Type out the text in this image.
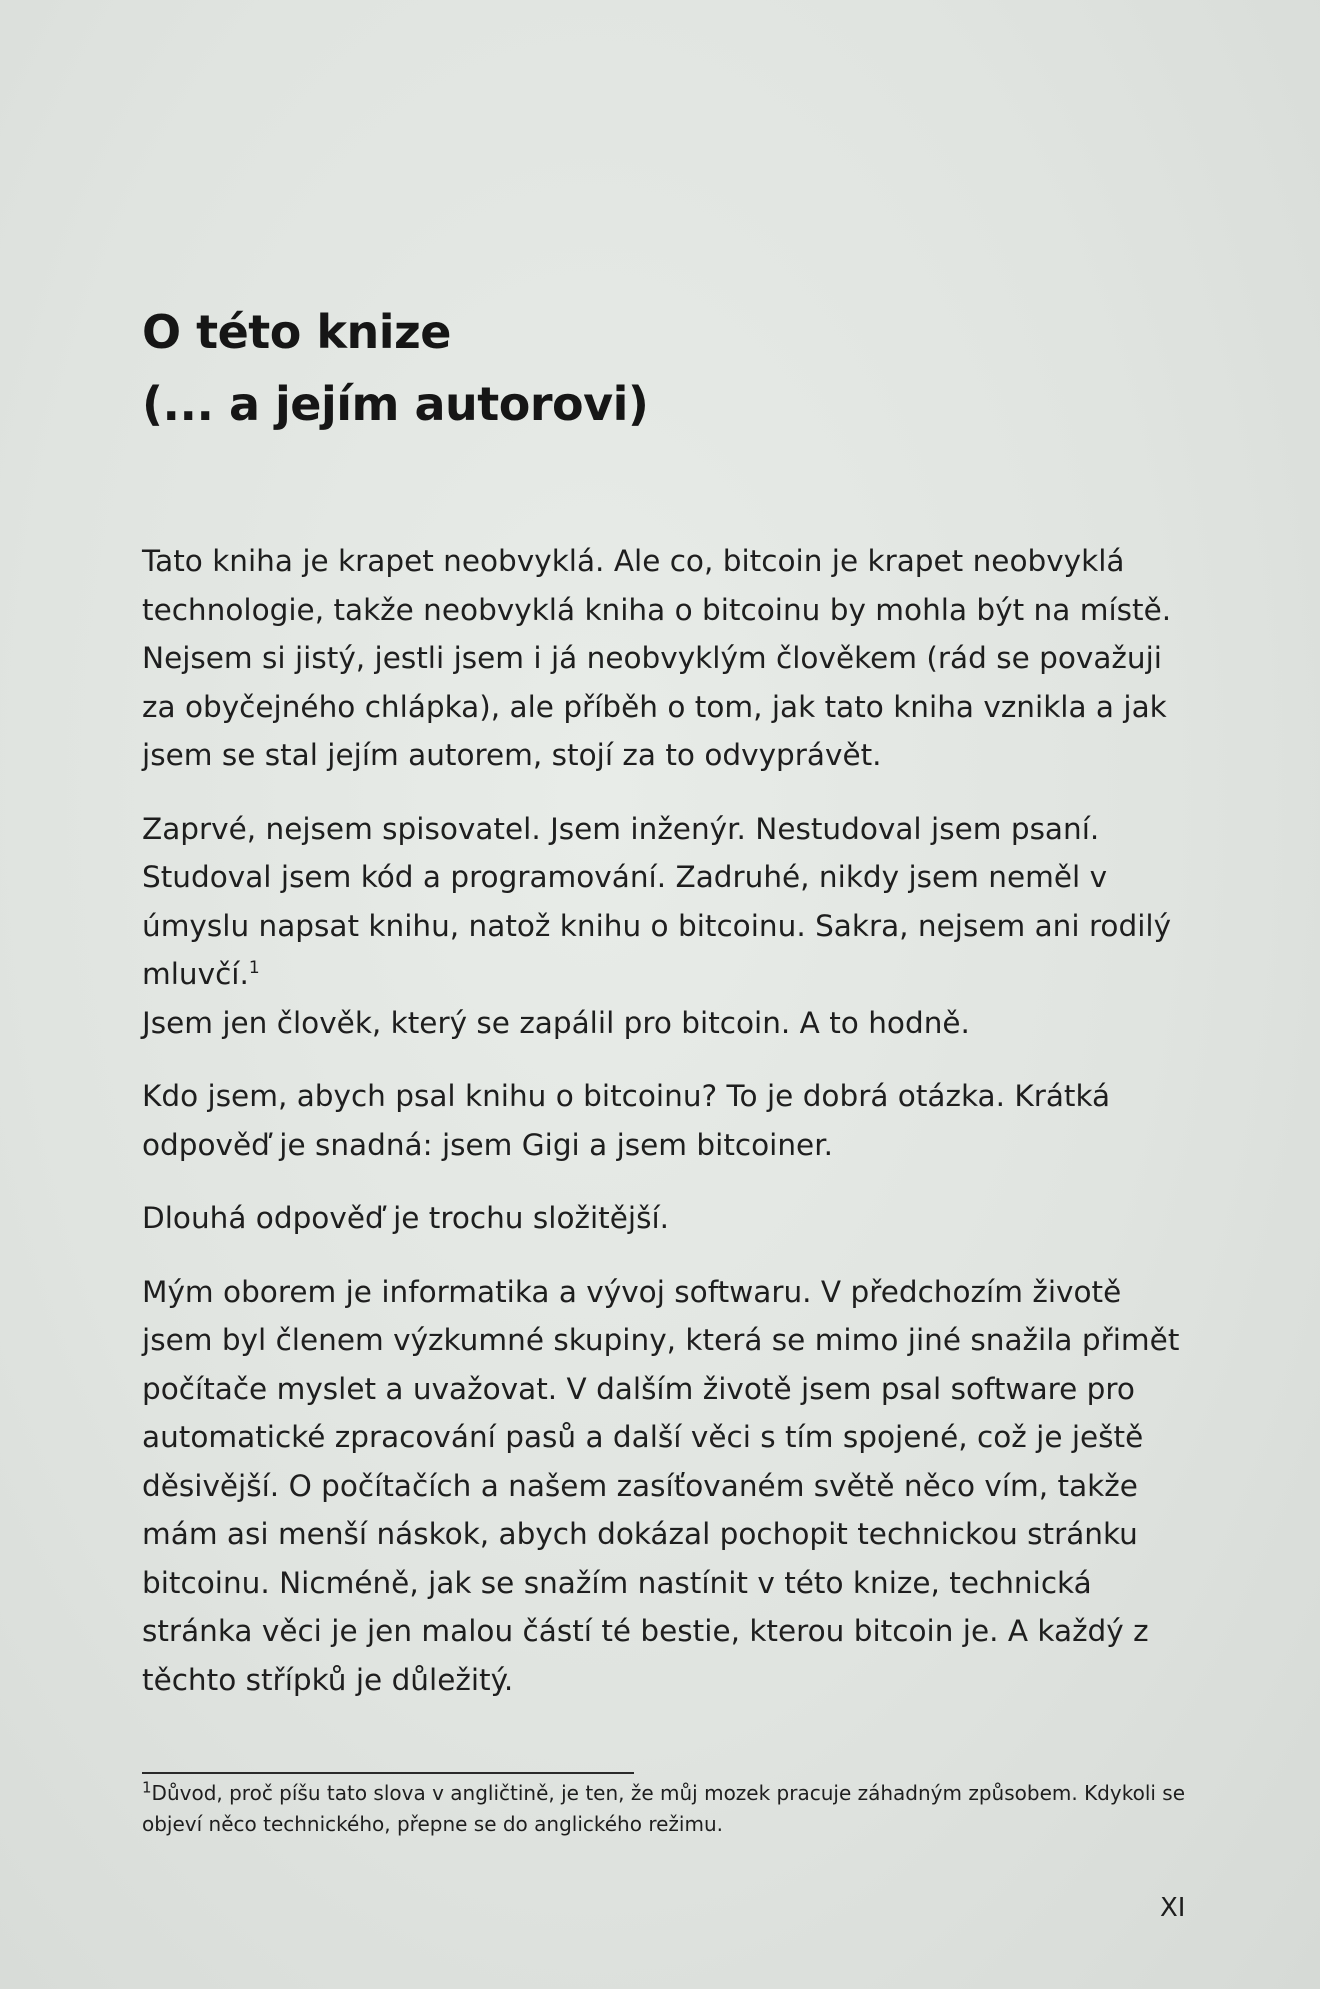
O této knize
(... a jejím autorovi)

Tato kniha je krapet neobvyklá. Ale co, bitcoin je krapet neobvyklá technologie, takže neobvyklá kniha o bitcoinu by mohla být na místě. Nejsem si jistý, jestli jsem i já neobvyklým člověkem (rád se považuji za obyčejného chlápka), ale příběh o tom, jak tato kniha vznikla a jak jsem se stal jejím autorem, stojí za to odvyprávět.

Zaprvé, nejsem spisovatel. Jsem inženýr. Nestudoval jsem psaní. Studoval jsem kód a programování. Zadruhé, nikdy jsem neměl v úmyslu napsat knihu, natož knihu o bitcoinu. Sakra, nejsem ani rodilý mluvčí.$^1$
Jsem jen člověk, který se zapálil pro bitcoin. A to hodně.

Kdo jsem, abych psal knihu o bitcoinu? To je dobrá otázka. Krátká odpověď je snadná: jsem Gigi a jsem bitcoiner.

Dlouhá odpověď je trochu složitější.

Mým oborem je informatika a vývoj softwaru. V předchozím životě jsem byl členem výzkumné skupiny, která se mimo jiné snažila přimět počítače myslet a uvažovat. V dalším životě jsem psal software pro automatické zpracování pasů a další věci s tím spojené, což je ještě děsivější. O počítačích a našem zasíťovaném světě něco vím, takže mám asi menší náskok, abych dokázal pochopit technickou stránku bitcoinu. Nicméně, jak se snažím nastínit v této knize, technická stránka věci je jen malou částí té bestie, kterou bitcoin je. A každý z těchto střípků je důležitý.

$^1$Důvod, proč píšu tato slova v angličtině, je ten, že můj mozek pracuje záhadným způsobem. Kdykoli se objeví něco technického, přepne se do anglického režimu.
XI
